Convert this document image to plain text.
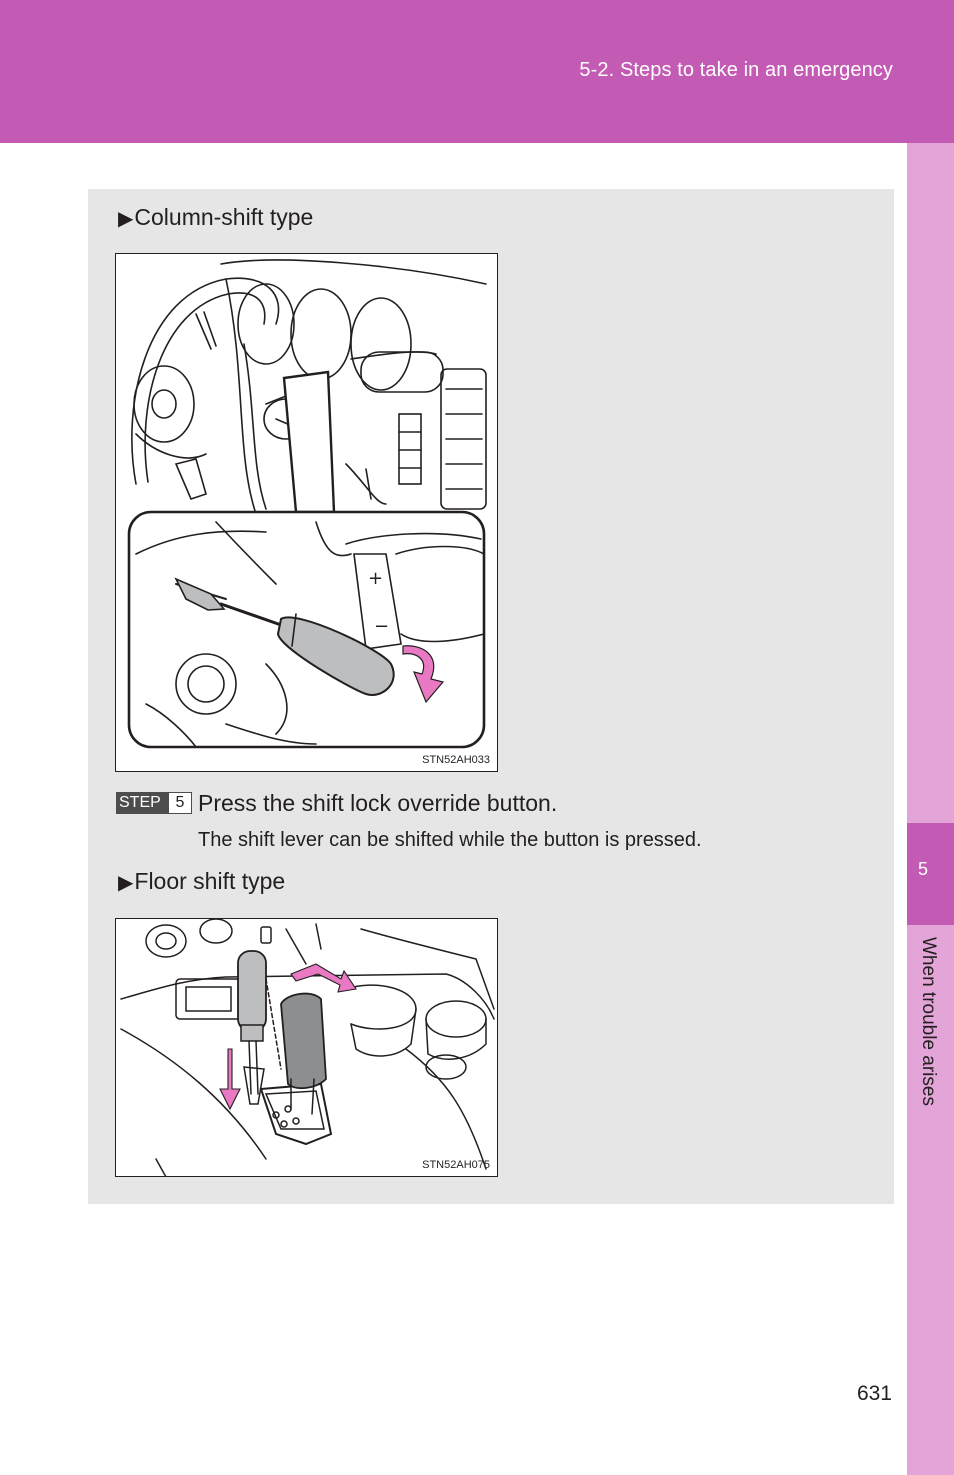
5-2. Steps to take in an emergency
5
When trouble arises
▶Column-shift type
+
−
STN52AH033
STEP 5 Press the shift lock override button.
The shift lever can be shifted while the button is pressed.
▶Floor shift type
STN52AH075
631
